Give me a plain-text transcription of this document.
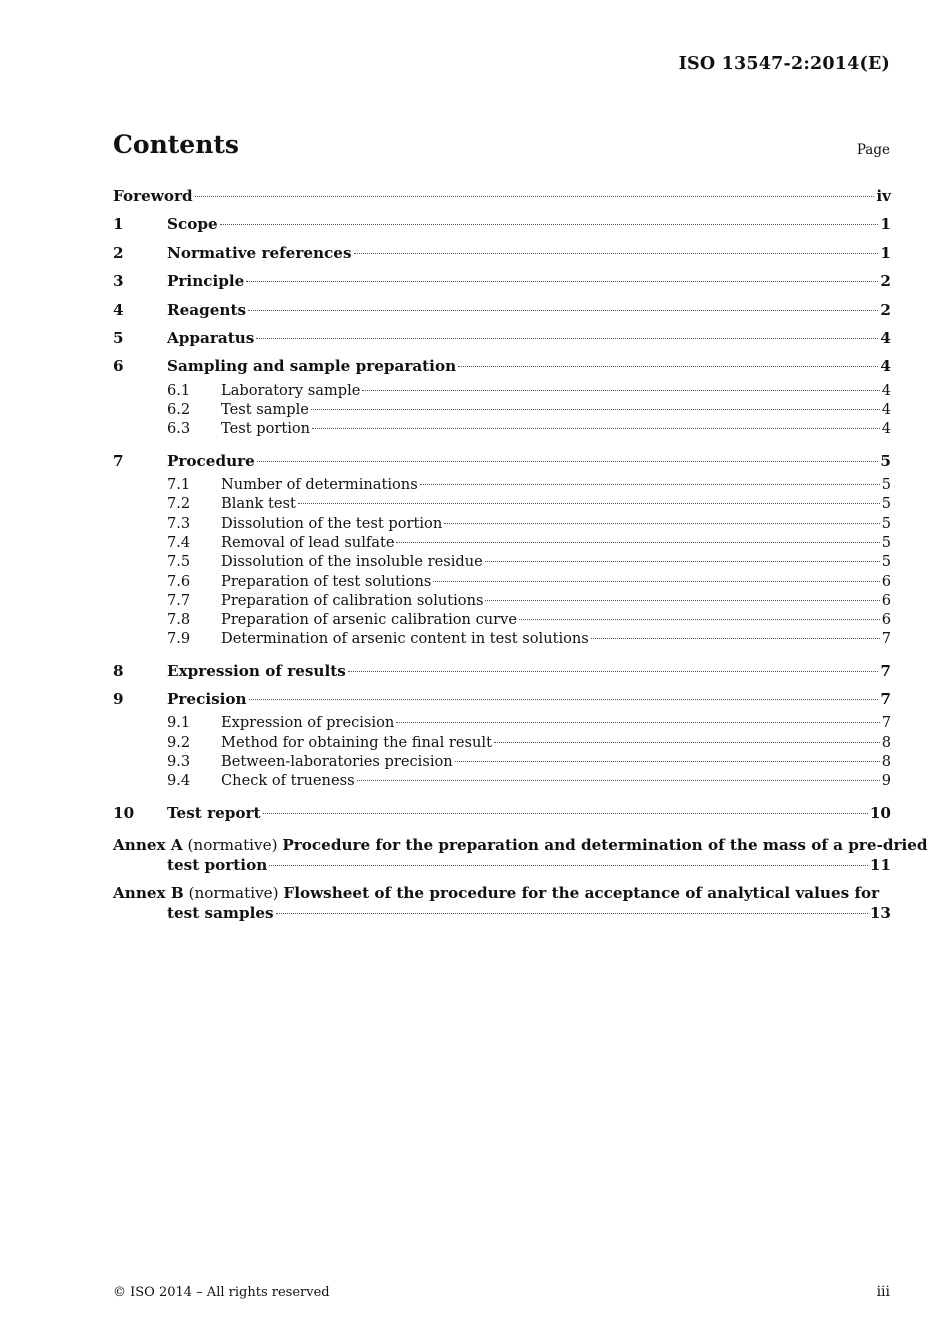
ISO 13547-2:2014(E)
Contents	Page
Foreword	iv
1	Scope	1
2	Normative references	1
3	Principle	2
4	Reagents	2
5	Apparatus	4
6	Sampling and sample preparation	4
6.1	Laboratory sample	4
6.2	Test sample	4
6.3	Test portion	4
7	Procedure	5
7.1	Number of determinations	5
7.2	Blank test	5
7.3	Dissolution of the test portion	5
7.4	Removal of lead sulfate	5
7.5	Dissolution of the insoluble residue	5
7.6	Preparation of test solutions	6
7.7	Preparation of calibration solutions	6
7.8	Preparation of arsenic calibration curve	6
7.9	Determination of arsenic content in test solutions	7
8	Expression of results	7
9	Precision	7
9.1	Expression of precision	7
9.2	Method for obtaining the final result	8
9.3	Between-laboratories precision	8
9.4	Check of trueness	9
10	Test report	10
Annex A (normative) Procedure for the preparation and determination of the mass of a pre-dried
test portion	11
Annex B (normative) Flowsheet of the procedure for the acceptance of analytical values for
test samples	13
© ISO 2014 – All rights reserved	iii
